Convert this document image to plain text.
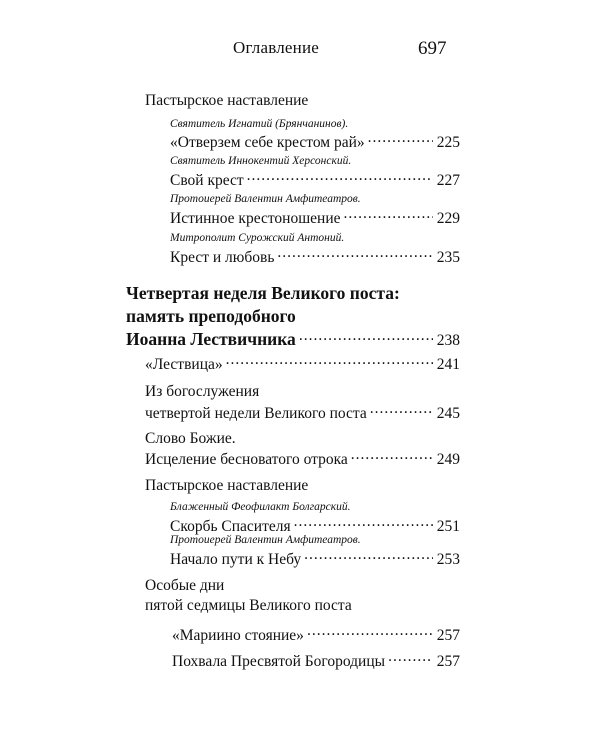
Оглавление	697
Пастырское наставление
Святитель Игнатий (Брянчанинов).
«Отверзем себе крестом рай» .....	225
Святитель Иннокентий Херсонский.
Свой крест .....	227
Протоиерей Валентин Амфитеатров.
Истинное крестоношение .....	229
Митрополит Сурожский Антоний.
Крест и любовь .....	235
Четвертая неделя Великого поста:
память преподобного
Иоанна Лествичника .....	238
«Лествица» .....	241
Из богослужения
четвертой недели Великого поста .....	245
Слово Божие.
Исцеление бесноватого отрока .....	249
Пастырское наставление
Блаженный Феофилакт Болгарский.
Скорбь Спасителя .....	251
Протоиерей Валентин Амфитеатров.
Начало пути к Небу .....	253
Особые дни
пятой седмицы Великого поста
«Мариино стояние» .....	257
Похвала Пресвятой Богородицы .....	257
